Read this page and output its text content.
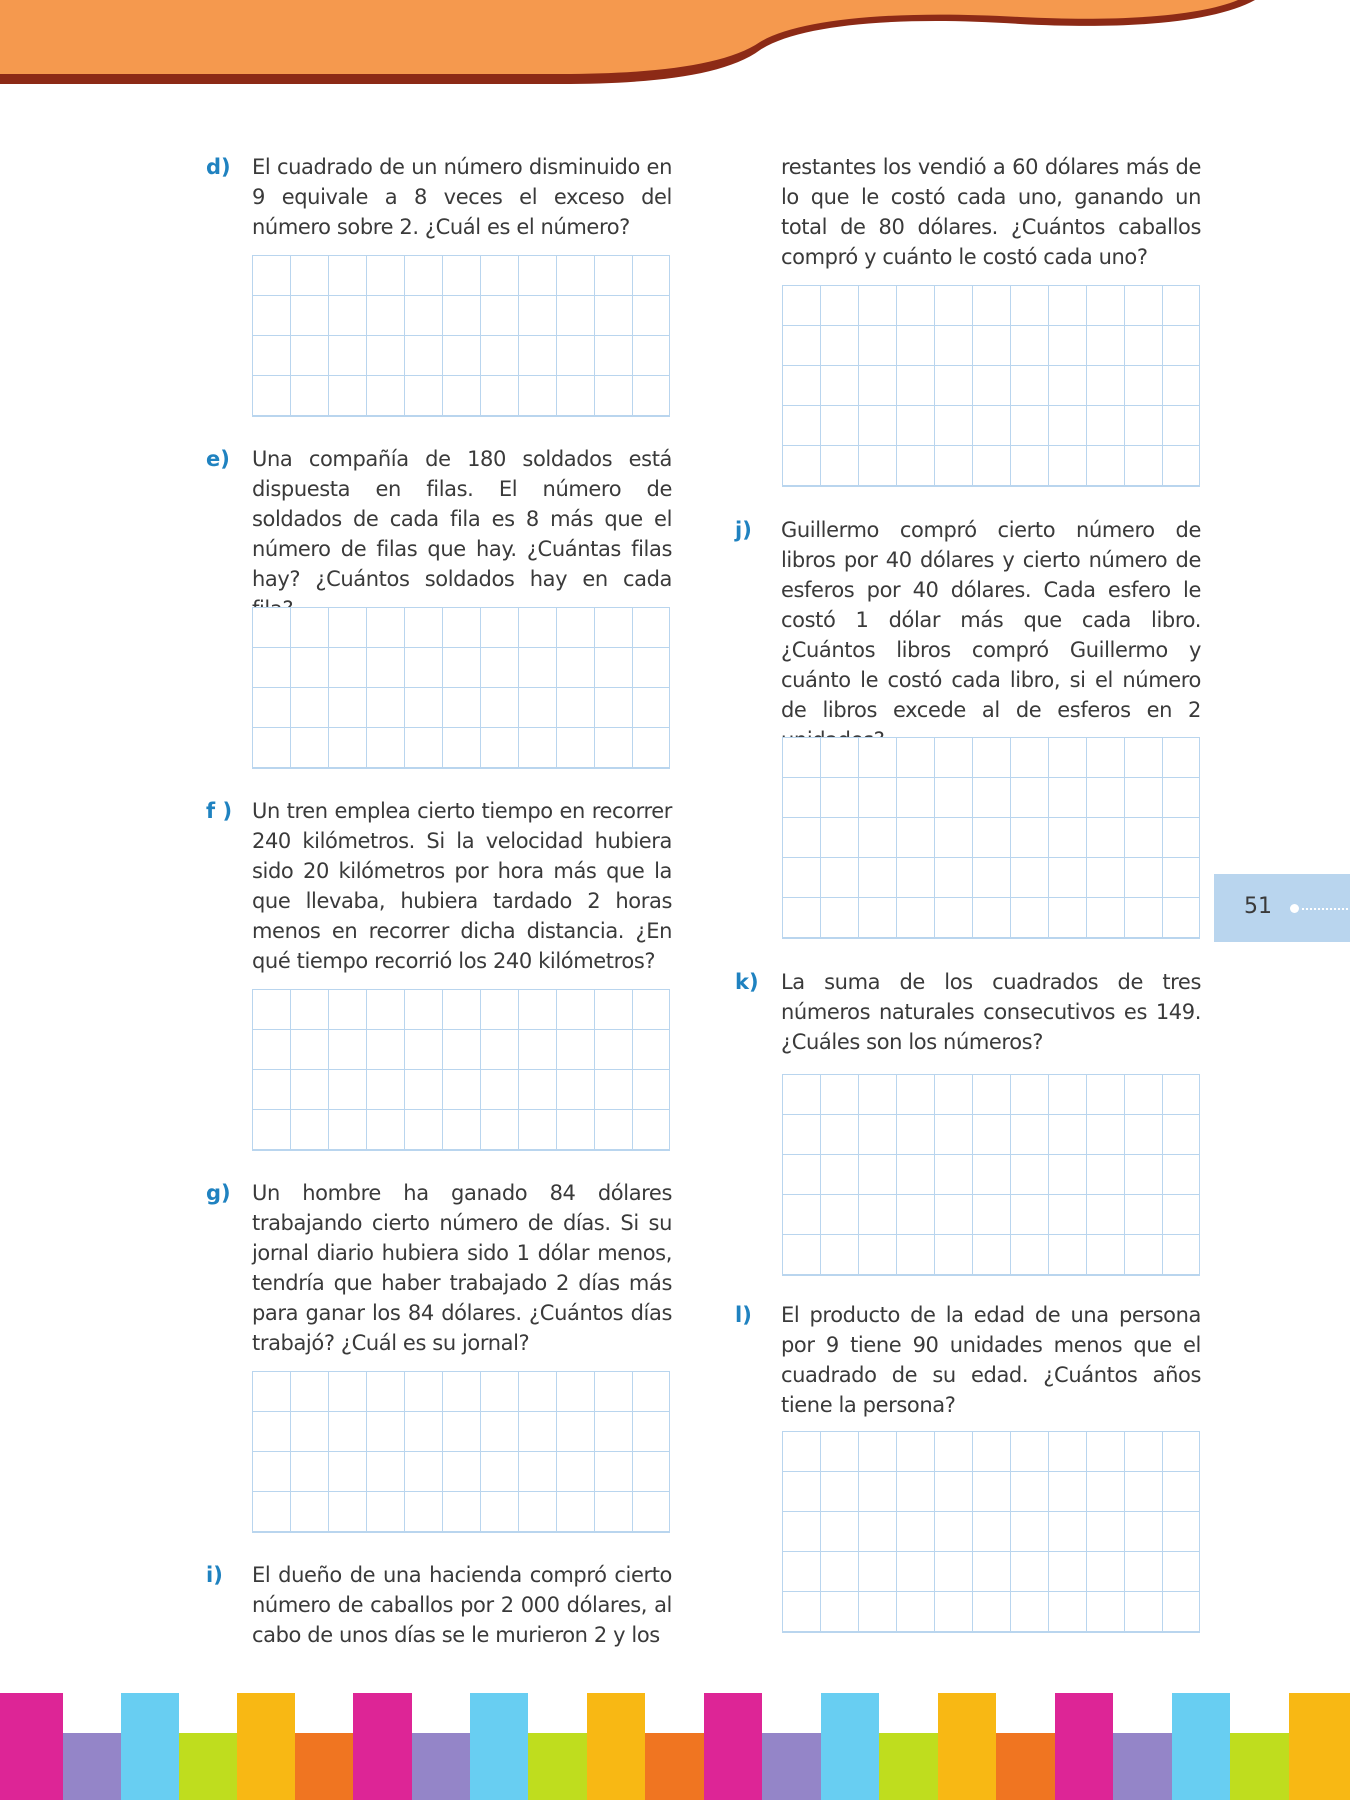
d) El cuadrado de un número disminuido en 9 equivale a 8 veces el exceso del número sobre 2. ¿Cuál es el número?
e) Una compañía de 180 soldados está dispuesta en filas. El número de soldados de cada fila es 8 más que el número de filas que hay. ¿Cuántas filas hay? ¿Cuántos soldados hay en cada
f ) Un tren emplea cierto tiempo en recorrer 240 kilómetros. Si la velocidad hubiera sido 20 kilómetros por hora más que la que llevaba, hubiera tardado 2 horas menos en recorrer dicha distancia. ¿En qué tiempo recorrió los 240 kilómetros?
g) Un hombre ha ganado 84 dólares trabajando cierto número de días. Si su jornal diario hubiera sido 1 dólar menos, tendría que haber trabajado 2 días más para ganar los 84 dólares. ¿Cuántos días trabajó? ¿Cuál es su jornal?
i) El dueño de una hacienda compró cierto número de caballos por 2 000 dólares, al cabo de unos días se le murieron 2 y los
restantes los vendió a 60 dólares más de lo que le costó cada uno, ganando un total de 80 dólares. ¿Cuántos caballos compró y cuánto le costó cada uno?
j) Guillermo compró cierto número de libros por 40 dólares y cierto número de esferos por 40 dólares. Cada esfero le costó 1 dólar más que cada libro. ¿Cuántos libros compró Guillermo y cuánto le costó cada libro, si el número de libros excede al de esferos en 2
k) La suma de los cuadrados de tres números naturales consecutivos es 149. ¿Cuáles son los números?
l) El producto de la edad de una persona por 9 tiene 90 unidades menos que el cuadrado de su edad. ¿Cuántos años tiene la persona?
51
